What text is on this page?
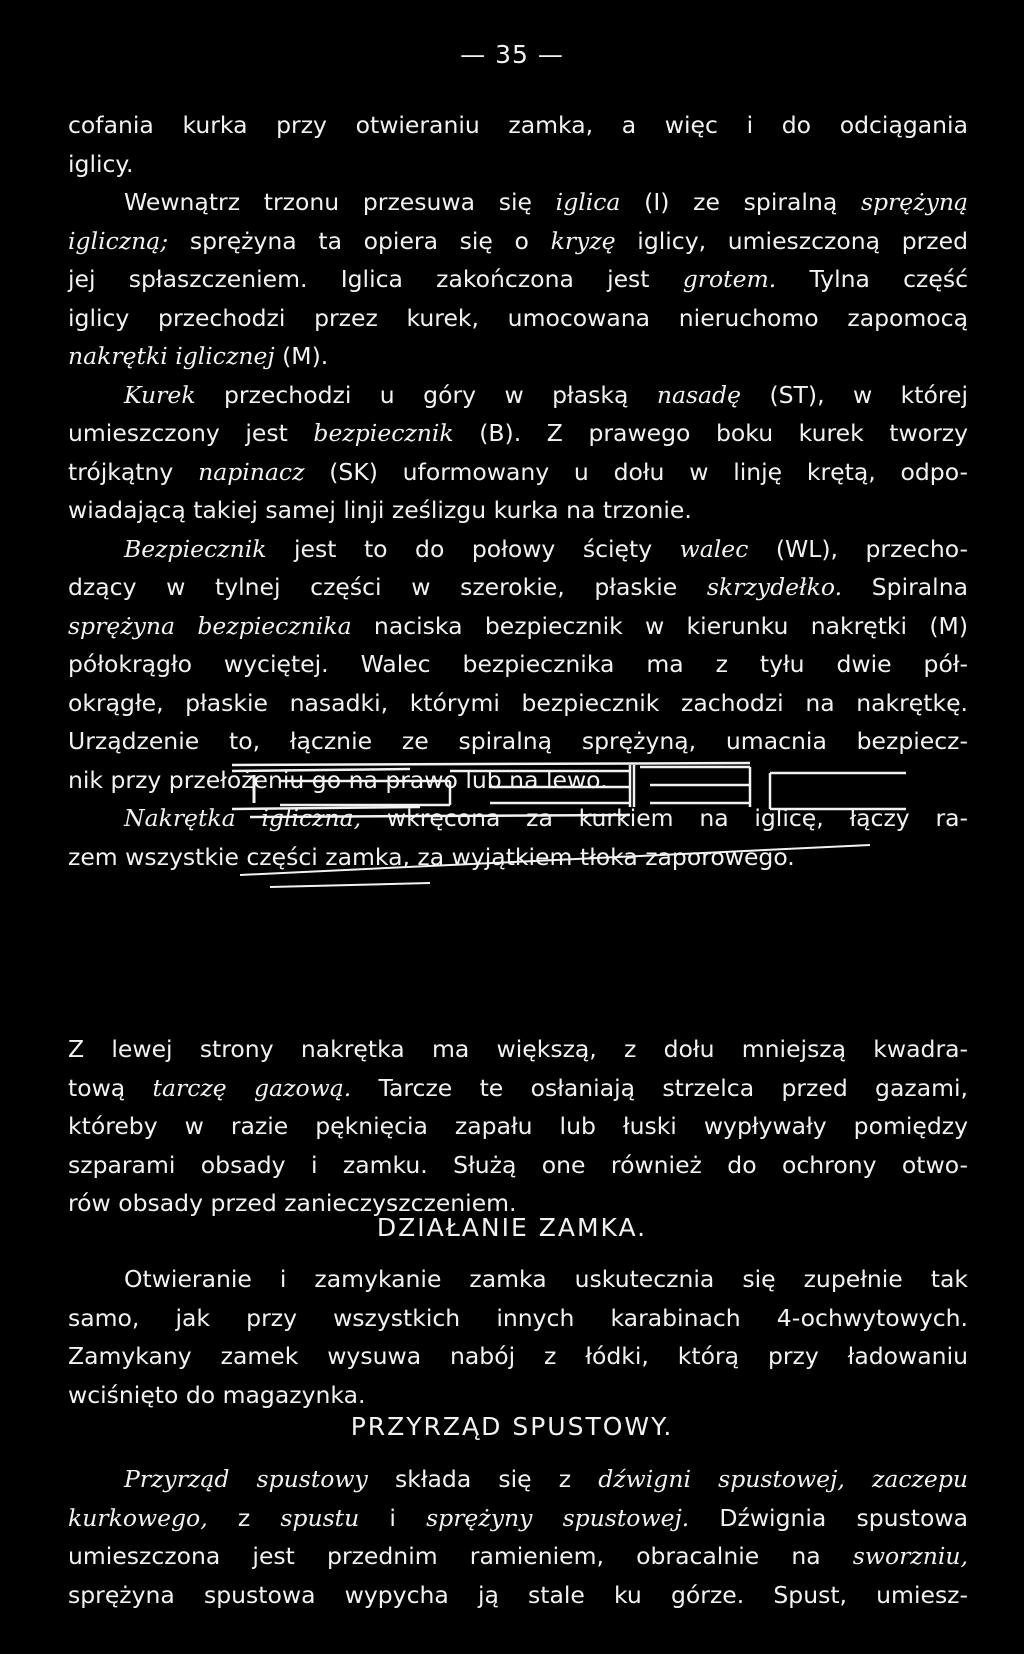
— 35 —
cofania kurka przy otwieraniu zamka, a więc i do odciągania
iglicy.
Wewnątrz trzonu przesuwa się iglica (I) ze spiralną sprężyną
igliczną; sprężyna ta opiera się o kryzę iglicy, umieszczoną przed
jej spłaszczeniem. Iglica zakończona jest grotem. Tylna część
iglicy przechodzi przez kurek, umocowana nieruchomo zapomocą
nakrętki iglicznej (M).
Kurek przechodzi u góry w płaską nasadę (ST), w której
umieszczony jest bezpiecznik (B). Z prawego boku kurek tworzy
trójkątny napinacz (SK) uformowany u dołu w linję krętą, odpo-
wiadającą takiej samej linji ześlizgu kurka na trzonie.
Bezpiecznik jest to do połowy ścięty walec (WL), przecho-
dzący w tylnej części w szerokie, płaskie skrzydełko. Spiralna
sprężyna bezpiecznika naciska bezpiecznik w kierunku nakrętki (M)
półokrągło wyciętej. Walec bezpiecznika ma z tyłu dwie pół-
okrągłe, płaskie nasadki, którymi bezpiecznik zachodzi na nakrętkę.
Urządzenie to, łącznie ze spiralną sprężyną, umacnia bezpiecz-
nik przy przełożeniu go na prawo lub na lewo.
Nakrętka igliczna, wkręcona za kurkiem na iglicę, łączy ra-
zem wszystkie części zamka, za wyjątkiem tłoka zaporowego.
Z lewej strony nakrętka ma większą, z dołu mniejszą kwadra-
tową tarczę gazową. Tarcze te osłaniają strzelca przed gazami,
któreby w razie pęknięcia zapału lub łuski wypływały pomiędzy
szparami obsady i zamku. Służą one również do ochrony otwo-
rów obsady przed zanieczyszczeniem.
DZIAŁANIE ZAMKA.
Otwieranie i zamykanie zamka uskutecznia się zupełnie tak
samo, jak przy wszystkich innych karabinach 4-ochwytowych.
Zamykany zamek wysuwa nabój z łódki, którą przy ładowaniu
wciśnięto do magazynka.
PRZYRZĄD SPUSTOWY.
Przyrząd spustowy składa się z dźwigni spustowej, zaczepu
kurkowego, z spustu i sprężyny spustowej. Dźwignia spustowa
umieszczona jest przednim ramieniem, obracalnie na sworzniu,
sprężyna spustowa wypycha ją stale ku górze. Spust, umiesz-
